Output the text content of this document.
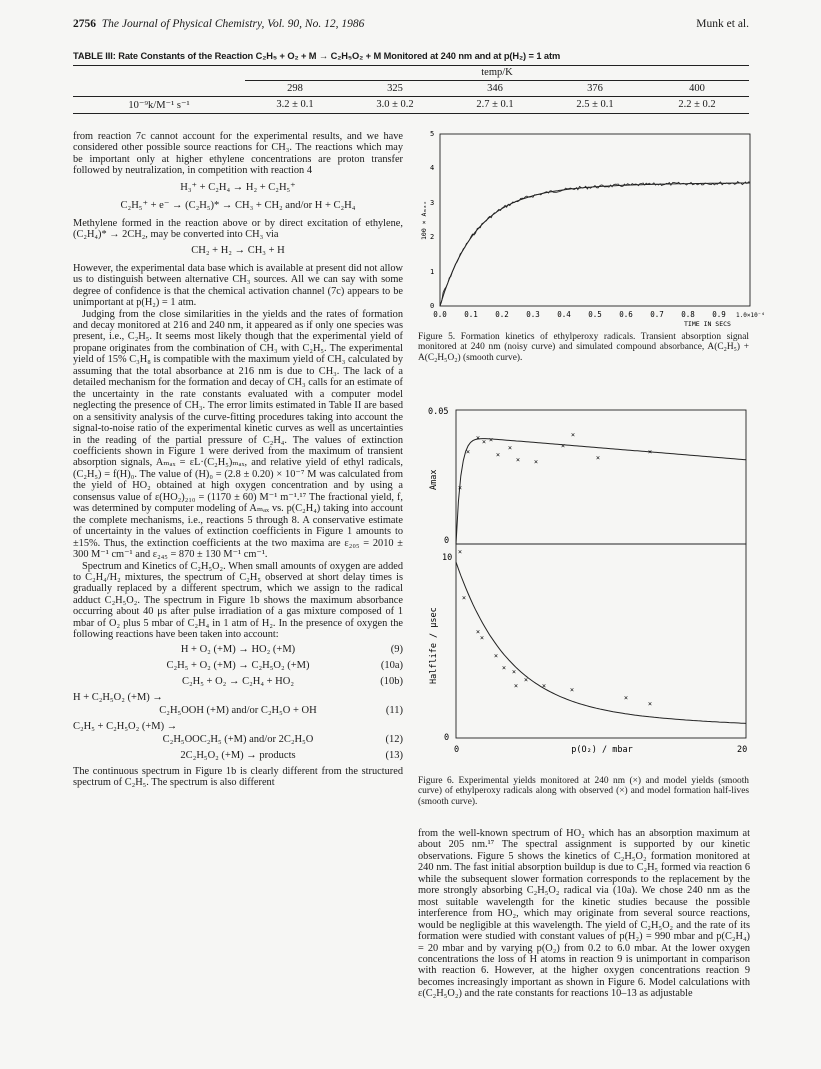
2756 The Journal of Physical Chemistry, Vol. 90, No. 12, 1986	Munk et al.
TABLE III: Rate Constants of the Reaction C₂H₅ + O₂ + M → C₂H₅O₂ + M Monitored at 240 nm and at p(H₂) = 1 atm
temp/K
298	325	346	376	400
10⁻⁹k/M⁻¹ s⁻¹	3.2 ± 0.1	3.0 ± 0.2	2.7 ± 0.1	2.5 ± 0.1	2.2 ± 0.2

from reaction 7c cannot account for the experimental results, and we have considered other possible source reactions for CH₃. The reactions which may be important only at higher ethylene concentrations are proton transfer followed by neutralization, in competition with reaction 4

H₃⁺ + C₂H₄ → H₂ + C₂H₅⁺
C₂H₅⁺ + e⁻ → (C₂H₅)* → CH₃ + CH₂ and/or H + C₂H₄

Methylene formed in the reaction above or by direct excitation of ethylene, (C₂H₄)* → 2CH₂, may be converted into CH₃ via

CH₂ + H₂ → CH₃ + H

However, the experimental data base which is available at present did not allow us to distinguish between alternative CH₃ sources. All we can say with some degree of confidence is that the chemical activation channel (7c) appears to be unimportant at p(H₂) = 1 atm.

Judging from the close similarities in the yields and the rates of formation and decay monitored at 216 and 240 nm, it appeared as if only one species was present, i.e., C₂H₅. It seems most likely though that the experimental yield of propane originates from the combination of CH₃ with C₂H₅. The experimental yield of 15% C₃H₈ is compatible with the maximum yield of CH₃ calculated by assuming that the total absorbance at 216 nm is due to CH₃. The lack of a detailed mechanism for the formation and decay of CH₃ calls for an estimate of the uncertainty in the rate constants evaluated with a computer model neglecting the presence of CH₃. The error limits estimated in Table II are based on a sensitivity analysis of the curve-fitting procedures taking into account the signal-to-noise ratio of the experimental kinetic curves as well as uncertainties in the reading of the partial pressure of C₂H₄. The values of extinction coefficients shown in Figure 1 were derived from the maximum of transient absorption signals, Aₘₐₓ = εL·(C₂H₅)ₘₐₓ, and relative yield of ethyl radicals, (C₂H₅) = f(H)₀. The value of (H)₀ = (2.8 ± 0.20) × 10⁻⁷ M was calculated from the yield of HO₂ obtained at high oxygen concentration and by using a consensus value of ε(HO₂)₂₁₀ = (1170 ± 60) M⁻¹ m⁻¹.¹⁷ The fractional yield, f, was determined by computer modeling of Aₘₐₓ vs. p(C₂H₄) taking into account the complete mechanisms, i.e., reactions 5 through 8. A conservative estimate of uncertainty in the values of extinction coefficients in Figure 1 amounts to ±15%. Thus, the extinction coefficients at the two maxima are ε₂₀₅ = 2010 ± 300 M⁻¹ cm⁻¹ and ε₂₄₅ = 870 ± 130 M⁻¹ cm⁻¹.

Spectrum and Kinetics of C₂H₅O₂. When small amounts of oxygen are added to C₂H₄/H₂ mixtures, the spectrum of C₂H₅ observed at short delay times is gradually replaced by a different spectrum, which we assign to the radical adduct C₂H₅O₂. The spectrum in Figure 1b shows the maximum absorbance occurring about 40 μs after pulse irradiation of a gas mixture composed of 1 mbar of O₂ plus 5 mbar of C₂H₄ in 1 atm of H₂. In the presence of oxygen the following reactions have been taken into account:

H + O₂ (+M) → HO₂ (+M)	(9)
C₂H₅ + O₂ (+M) → C₂H₅O₂ (+M)	(10a)
C₂H₅ + O₂ → C₂H₄ + HO₂	(10b)
H + C₂H₅O₂ (+M) →
C₂H₅OOH (+M) and/or C₂H₅O + OH	(11)
C₂H₅ + C₂H₅O₂ (+M) →
C₂H₅OOC₂H₅ (+M) and/or 2C₂H₅O	(12)
2C₂H₅O₂ (+M) → products	(13)

The continuous spectrum in Figure 1b is clearly different from the structured spectrum of C₂H₅. The spectrum is also different

0
1
2
3
4
5
100 × Aₘₐₓ
0.0 0.1 0.2 0.3 0.4 0.5 0.6 0.7 0.8 0.9 1.0×10⁻⁴
TIME IN SECS
Figure 5. Formation kinetics of ethylperoxy radicals. Transient absorption signal monitored at 240 nm (noisy curve) and simulated compound absorbance, A(C₂H₅) + A(C₂H₅O₂) (smooth curve).
0.05
0
10
0
Amax
Halflife / μsec
0	20
p(O₂) / mbar
×
×
× × ×
×
×
× ×
×
×
×
×
×
×
×
×
×
× ×
×
×
×	×
×
×
Figure 6. Experimental yields monitored at 240 nm (×) and model yields (smooth curve) of ethylperoxy radicals along with observed (×) and model formation half-lives (smooth curve).

from the well-known spectrum of HO₂ which has an absorption maximum at about 205 nm.¹⁷ The spectral assignment is supported by our kinetic observations. Figure 5 shows the kinetics of C₂H₅O₂ formation monitored at 240 nm. The fast initial absorption buildup is due to C₂H₅ formed via reaction 6 while the subsequent slower formation corresponds to the replacement by the more strongly absorbing C₂H₅O₂ radical via (10a). We chose 240 nm as the most suitable wavelength for the kinetic studies because the possible interference from HO₂, which may originate from several source reactions, would be negligible at this wavelength. The yield of C₂H₅O₂ and the rate of its formation were studied with constant values of p(H₂) = 990 mbar and p(C₂H₄) = 20 mbar and by varying p(O₂) from 0.2 to 6.0 mbar. At the lower oxygen concentrations the loss of H atoms in reaction 9 is unimportant in comparison with reaction 6. However, at the higher oxygen concentrations reaction 9 becomes increasingly important as shown in Figure 6. Model calculations with ε(C₂H₅O₂) and the rate constants for reactions 10–13 as adjustable
